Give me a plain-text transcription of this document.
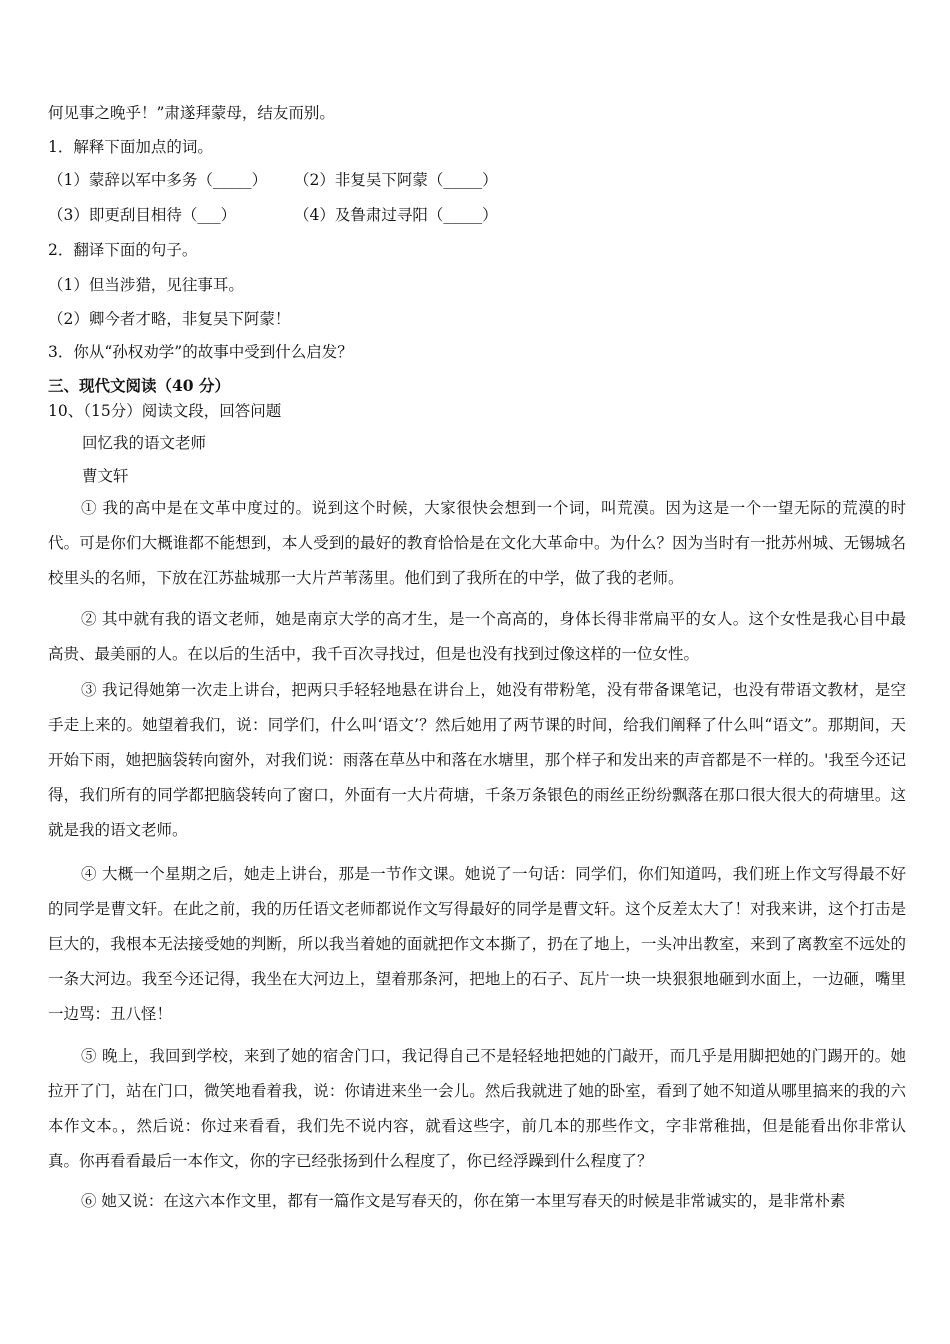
何见事之晚乎！”肃遂拜蒙母，结友而别。
1．解释下面加点的词。
（1）蒙辞以军中多务（_____） （2）非复吴下阿蒙（_____）
（3）即更刮目相待（___）	（4）及鲁肃过寻阳（_____）
2．翻译下面的句子。
（1）但当涉猎，见往事耳。
（2）卿今者才略，非复吴下阿蒙！
3．你从“孙权劝学”的故事中受到什么启发？
三、现代文阅读（40 分）
10、（15分）阅读文段，回答问题
回忆我的语文老师
曹文轩
① 我的高中是在文革中度过的。说到这个时候，大家很快会想到一个词，叫荒漠。因为这是一个一望无际的荒漠的时代。可是你们大概谁都不能想到，本人受到的最好的教育恰恰是在文化大革命中。为什么？因为当时有一批苏州城、无锡城名校里头的名师，下放在江苏盐城那一大片芦苇荡里。他们到了我所在的中学，做了我的老师。
② 其中就有我的语文老师，她是南京大学的高才生，是一个高高的，身体长得非常扁平的女人。这个女性是我心目中最高贵、最美丽的人。在以后的生活中，我千百次寻找过，但是也没有找到过像这样的一位女性。
③ 我记得她第一次走上讲台，把两只手轻轻地悬在讲台上，她没有带粉笔，没有带备课笔记，也没有带语文教材，是空手走上来的。她望着我们，说：同学们，什么叫‘语文’？然后她用了两节课的时间，给我们阐释了什么叫“语文”。那期间，天开始下雨，她把脑袋转向窗外，对我们说：雨落在草丛中和落在水塘里，那个样子和发出来的声音都是不一样的。'我至今还记得，我们所有的同学都把脑袋转向了窗口，外面有一大片荷塘，千条万条银色的雨丝正纷纷飘落在那口很大很大的荷塘里。这就是我的语文老师。
④ 大概一个星期之后，她走上讲台，那是一节作文课。她说了一句话：同学们，你们知道吗，我们班上作文写得最不好的同学是曹文轩。在此之前，我的历任语文老师都说作文写得最好的同学是曹文轩。这个反差太大了！对我来讲，这个打击是巨大的，我根本无法接受她的判断，所以我当着她的面就把作文本撕了，扔在了地上，一头冲出教室，来到了离教室不远处的一条大河边。我至今还记得，我坐在大河边上，望着那条河，把地上的石子、瓦片一块一块狠狠地砸到水面上，一边砸，嘴里一边骂：丑八怪！
⑤ 晚上，我回到学校，来到了她的宿舍门口，我记得自己不是轻轻地把她的门敲开，而几乎是用脚把她的门踢开的。她拉开了门，站在门口，微笑地看着我，说：你请进来坐一会儿。然后我就进了她的卧室，看到了她不知道从哪里搞来的我的六本作文本。，然后说：你过来看看，我们先不说内容，就看这些字，前几本的那些作文，字非常稚拙，但是能看出你非常认真。你再看看最后一本作文，你的字已经张扬到什么程度了，你已经浮躁到什么程度了？
⑥ 她又说：在这六本作文里，都有一篇作文是写春天的，你在第一本里写春天的时候是非常诚实的，是非常朴素
